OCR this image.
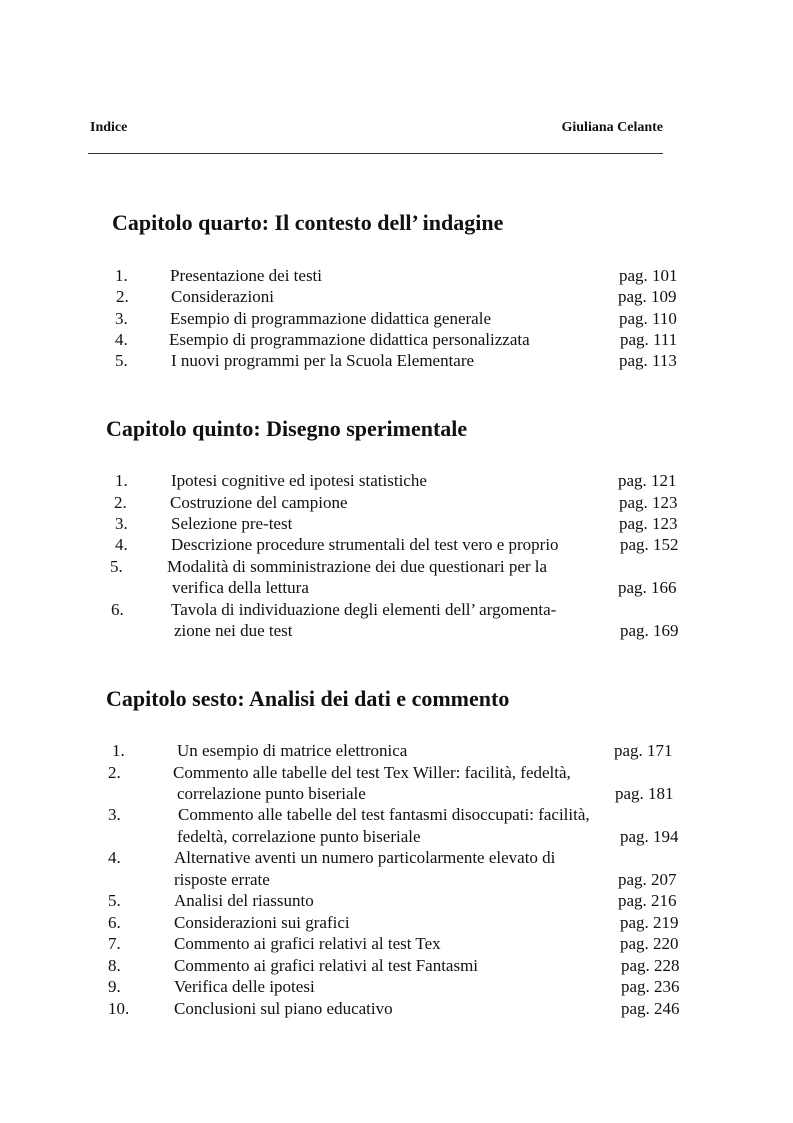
Indice	Giuliana Celante
Capitolo quarto: Il contesto dell’ indagine
1. Presentazione dei testi	pag. 101
2. Considerazioni	pag. 109
3. Esempio di programmazione didattica generale	pag. 110
4. Esempio di programmazione didattica personalizzata	pag. 111
5.	I nuovi programmi per la Scuola Elementare	pag. 113
Capitolo quinto: Disegno sperimentale
1.	Ipotesi cognitive ed ipotesi statistiche	pag. 121
2.	Costruzione del campione	pag. 123
3.	Selezione pre-test	pag. 123
4.	Descrizione procedure strumentali del test vero e proprio	pag. 152
5.	Modalità di somministrazione dei due questionari per la
verifica della lettura	pag. 166
6.	Tavola di individuazione degli elementi dell’ argomenta-
zione nei due test	pag. 169
Capitolo sesto: Analisi dei dati e commento
1.	Un esempio di matrice elettronica	pag. 171
2.	Commento alle tabelle del test Tex Willer: facilità, fedeltà,
correlazione punto biseriale	pag. 181
3.	Commento alle tabelle del test fantasmi disoccupati: facilità,
fedeltà, correlazione punto biseriale	pag. 194
4.	Alternative aventi un numero particolarmente elevato di
risposte errate	pag. 207
5.	Analisi del riassunto	pag. 216
6.	Considerazioni sui grafici	pag. 219
7.	Commento ai grafici relativi al test Tex	pag. 220
8.	Commento ai grafici relativi al test Fantasmi	pag. 228
9.	Verifica delle ipotesi	pag. 236
10.	Conclusioni sul piano educativo	pag. 246
